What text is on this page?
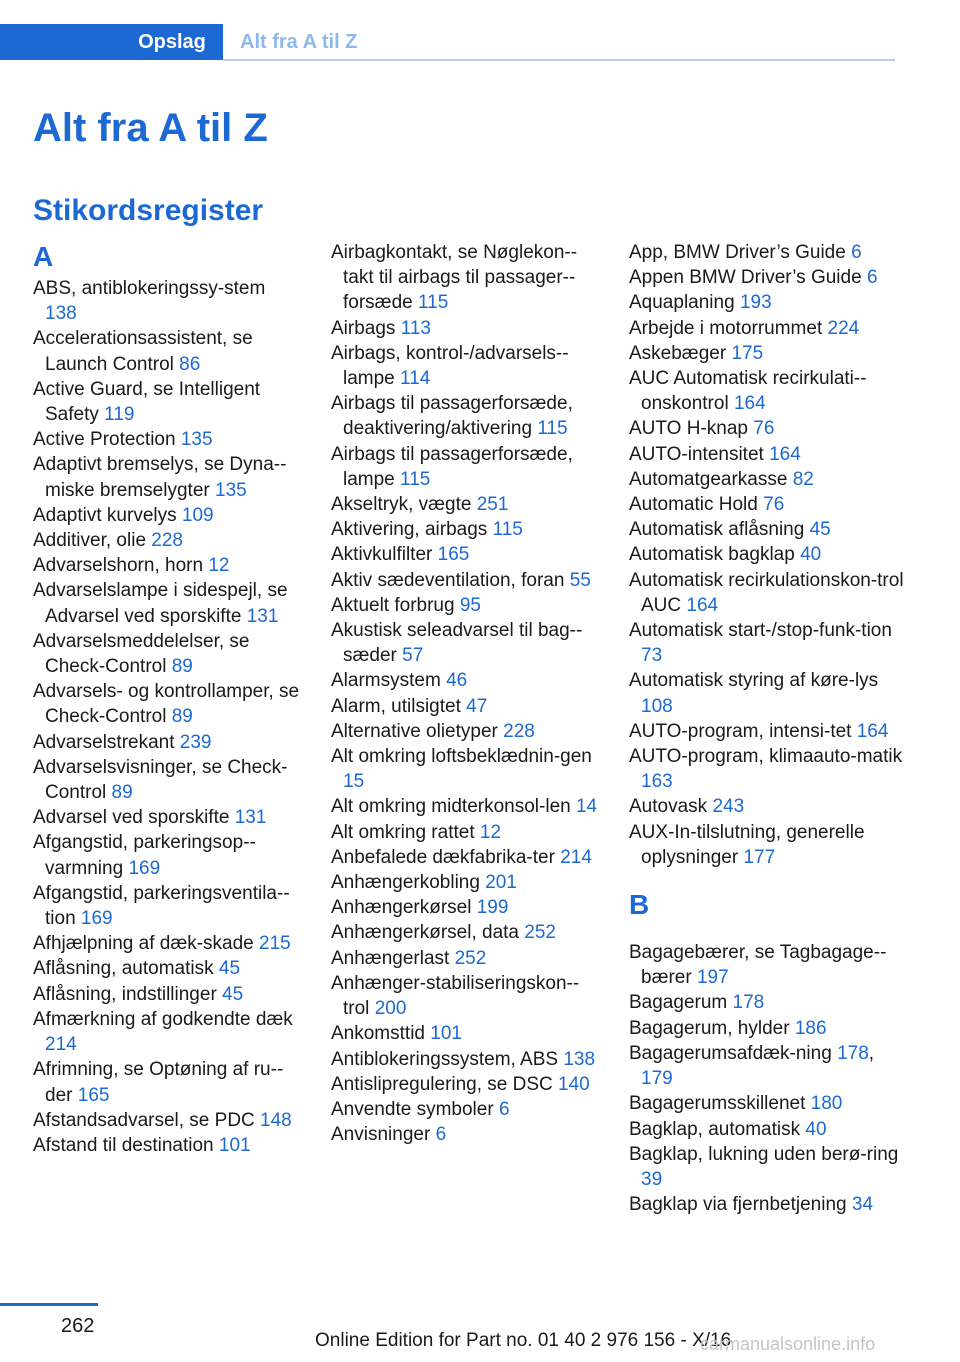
Opslag	Alt fra A til Z
Alt fra A til Z
Stikordsregister
A
ABS, antiblokeringssy-stem 138
Accelerationsassistent, se Launch Control 86
Active Guard, se Intelligent Safety 119
Active Protection 135
Adaptivt bremselys, se Dyna-miske bremselygter 135
Adaptivt kurvelys 109
Additiver, olie 228
Advarselshorn, horn 12
Advarselslampe i sidespejl, se Advarsel ved sporskifte 131
Advarselsmeddelelser, se Check-Control 89
Advarsels- og kontrollamper, se Check-Control 89
Advarselstrekant 239
Advarselsvisninger, se Check-Control 89
Advarsel ved sporskifte 131
Afgangstid, parkeringsop-varmning 169
Afgangstid, parkeringsventila-tion 169
Afhjælpning af dæk-skade 215
Aflåsning, automatisk 45
Aflåsning, indstillinger 45
Afmærkning af godkendte dæk 214
Afrimning, se Optøning af ru-der 165
Afstandsadvarsel, se PDC 148
Afstand til destination 101
Airbagkontakt, se Nøglekon-takt til airbags til passager-forsæde 115
Airbags 113
Airbags, kontrol-/advarsels-lampe 114
Airbags til passagerforsæde, deaktivering/aktivering 115
Airbags til passagerforsæde, lampe 115
Akseltryk, vægte 251
Aktivering, airbags 115
Aktivkulfilter 165
Aktiv sædeventilation, foran 55
Aktuelt forbrug 95
Akustisk seleadvarsel til bag-sæder 57
Alarmsystem 46
Alarm, utilsigtet 47
Alternative olietyper 228
Alt omkring loftsbeklædnin-gen 15
Alt omkring midterkonsol-len 14
Alt omkring rattet 12
Anbefalede dækfabrika-ter 214
Anhængerkobling 201
Anhængerkørsel 199
Anhængerkørsel, data 252
Anhængerlast 252
Anhænger-stabiliseringskon-trol 200
Ankomsttid 101
Antiblokeringssystem, ABS 138
Antislipregulering, se DSC 140
Anvendte symboler 6
Anvisninger 6
App, BMW Driver’s Guide 6
Appen BMW Driver’s Guide 6
Aquaplaning 193
Arbejde i motorrummet 224
Askebæger 175
AUC Automatisk recirkulati-onskontrol 164
AUTO H-knap 76
AUTO-intensitet 164
Automatgearkasse 82
Automatic Hold 76
Automatisk aflåsning 45
Automatisk bagklap 40
Automatisk recirkulationskon-trol AUC 164
Automatisk start-/stop-funk-tion 73
Automatisk styring af køre-lys 108
AUTO-program, intensi-tet 164
AUTO-program, klimaauto-matik 163
Autovask 243
AUX-In-tilslutning, generelle oplysninger 177
B
Bagagebærer, se Tagbagage-bærer 197
Bagagerum 178
Bagagerum, hylder 186
Bagagerumsafdæk-ning 178, 179
Bagagerumsskillenet 180
Bagklap, automatisk 40
Bagklap, lukning uden berø-ring 39
Bagklap via fjernbetjening 34
262
Online Edition for Part no. 01 40 2 976 156 - X/16
carmanualsonline.info
